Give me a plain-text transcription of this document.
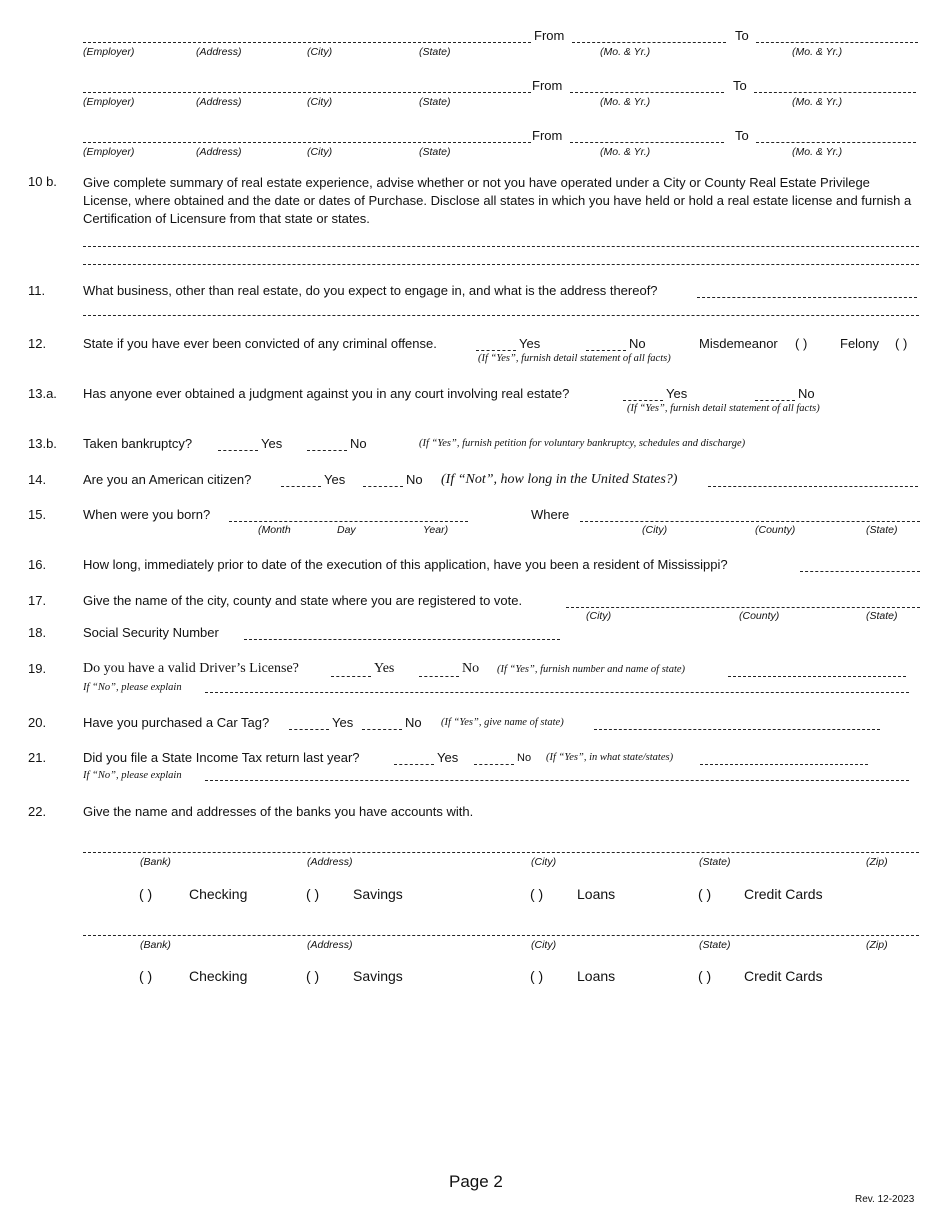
From	To
(Employer)	(Address)	(City)	(State)	(Mo. & Yr.)	(Mo. & Yr.)
From	To
(Employer)	(Address)	(City)	(State)	(Mo. & Yr.)	(Mo. & Yr.)
From	To
(Employer)	(Address)	(City)	(State)	(Mo. & Yr.)	(Mo. & Yr.)
10 b. Give complete summary of real estate experience, advise whether or not you have operated under a City or County Real Estate Privilege License, where obtained and the date or dates of Purchase. Disclose all states in which you have held or hold a real estate license and furnish a Certification of Licensure from that state or states.
11.	What business, other than real estate, do you expect to engage in, and what is the address thereof?
12.	State if you have ever been convicted of any criminal offense.	Yes	No	Misdemeanor ( )	Felony ( )
(If “Yes”, furnish detail statement of all facts)
13.a. Has anyone ever obtained a judgment against you in any court involving real estate?	Yes	No
(If “Yes”, furnish detail statement of all facts)
13.b. Taken bankruptcy?	Yes	No	(If “Yes”, furnish petition for voluntary bankruptcy, schedules and discharge)
14.	Are you an American citizen?	Yes	No (If “Not”, how long in the United States?)
15.	When were you born?	Where
(Month	Day	Year)	(City)	(County)	(State)
16.	How long, immediately prior to date of the execution of this application, have you been a resident of Mississippi?
17.	Give the name of the city, county and state where you are registered to vote.
(City)	(County)	(State)
18.	Social Security Number
19.	Do you have a valid Driver’s License?	Yes	No (If “Yes”, furnish number and name of state)
If “No”, please explain
20.	Have you purchased a Car Tag?	Yes	No (If “Yes”, give name of state)
21.	Did you file a State Income Tax return last year?	Yes	No (If “Yes”, in what state/states)
If “No”, please explain
22.	Give the name and addresses of the banks you have accounts with.
(Bank)	(Address)	(City)	(State)	(Zip)
( )	Checking	( ) Savings	( ) Loans	( ) Credit Cards
(Bank)	(Address)	(City)	(State)	(Zip)
( )	Checking	( ) Savings	( ) Loans	( ) Credit Cards
Page 2
Rev. 12-2023
